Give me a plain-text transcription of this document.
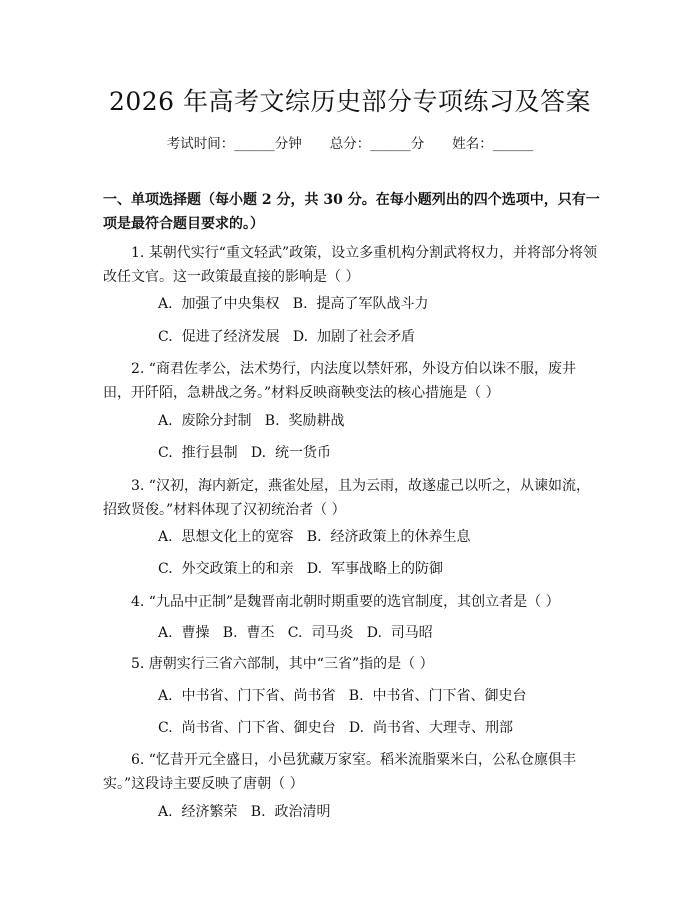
2026 年高考文综历史部分专项练习及答案
考试时间：______分钟 总分：______分 姓名：______
一、单项选择题（每小题 2 分，共 30 分。在每小题列出的四个选项中，只有一项是最符合题目要求的。）
1. 某朝代实行“重文轻武”政策，设立多重机构分割武将权力，并将部分将领改任文官。这一政策最直接的影响是（ ）
A.  加强了中央集权   B.  提高了军队战斗力
C.  促进了经济发展   D.  加剧了社会矛盾
2. “商君佐孝公，法术势行，内法度以禁奸邪，外设方伯以诛不服，废井田，开阡陌，急耕战之务。”材料反映商鞅变法的核心措施是（ ）
A.  废除分封制   B.  奖励耕战
C.  推行县制   D.  统一货币
3. “汉初，海内新定，燕雀处屋，且为云雨，故遂虚己以听之，从谏如流，招致贤俊。”材料体现了汉初统治者（ ）
A.  思想文化上的宽容   B.  经济政策上的休养生息
C.  外交政策上的和亲   D.  军事战略上的防御
4. “九品中正制”是魏晋南北朝时期重要的选官制度，其创立者是（ ）
A.  曹操   B.  曹丕   C.  司马炎   D.  司马昭
5. 唐朝实行三省六部制，其中“三省”指的是（ ）
A.  中书省、门下省、尚书省   B.  中书省、门下省、御史台
C.  尚书省、门下省、御史台   D.  尚书省、大理寺、刑部
6. “忆昔开元全盛日，小邑犹藏万家室。稻米流脂粟米白，公私仓廪俱丰实。”这段诗主要反映了唐朝（ ）
A.  经济繁荣   B.  政治清明
